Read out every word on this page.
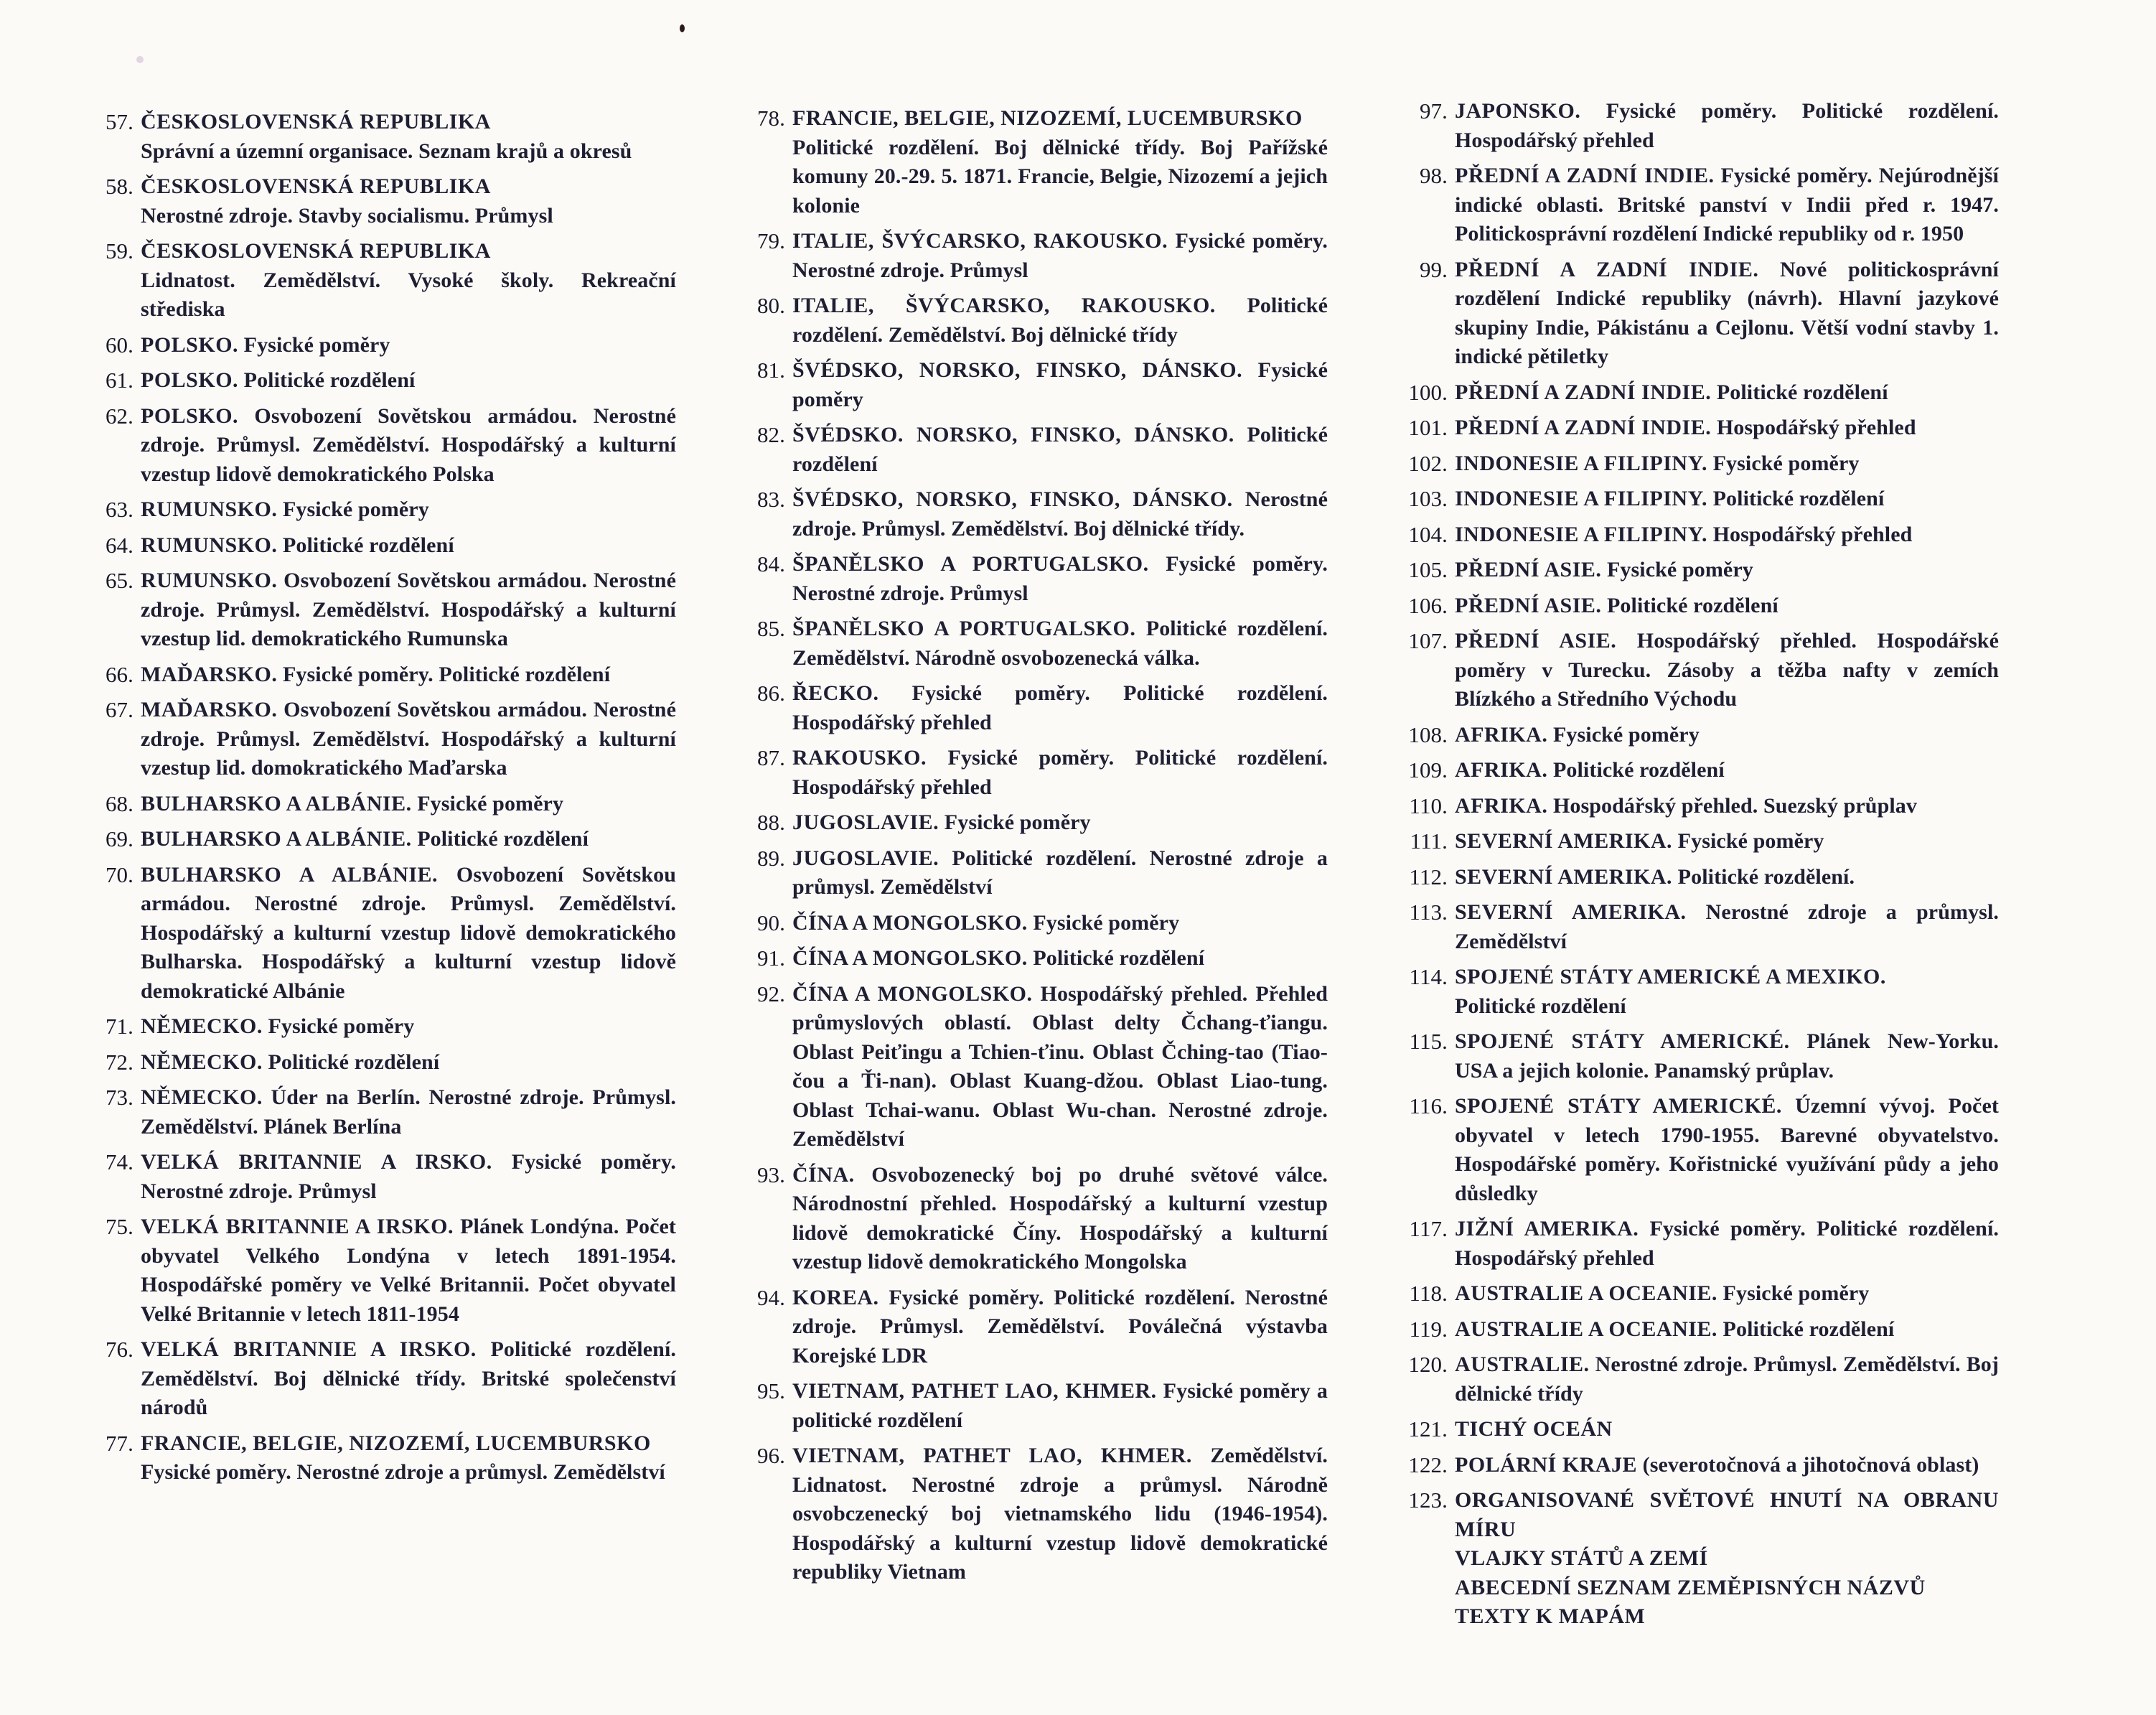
57. ČESKOSLOVENSKÁ REPUBLIKA
Správní a územní organisace. Seznam krajů a okresů
58. ČESKOSLOVENSKÁ REPUBLIKA
Nerostné zdroje. Stavby socialismu. Průmysl
59. ČESKOSLOVENSKÁ REPUBLIKA
Lidnatost. Zemědělství. Vysoké školy. Rekreační střediska
60. POLSKO. Fysické poměry
61. POLSKO. Politické rozdělení
62. POLSKO. Osvobození Sovětskou armádou. Nerostné zdroje. Průmysl. Zemědělství. Hospodářský a kulturní vzestup lidově demokratického Polska
63. RUMUNSKO. Fysické poměry
64. RUMUNSKO. Politické rozdělení
65. RUMUNSKO. Osvobození Sovětskou armádou. Nerostné zdroje. Průmysl. Zemědělství. Hospodářský a kulturní vzestup lid. demokratického Rumunska
66. MAĎARSKO. Fysické poměry. Politické rozdělení
67. MAĎARSKO. Osvobození Sovětskou armádou. Nerostné zdroje. Průmysl. Zemědělství. Hospodářský a kulturní vzestup lid. domokratického Maďarska
68. BULHARSKO A ALBÁNIE. Fysické poměry
69. BULHARSKO A ALBÁNIE. Politické rozdělení
70. BULHARSKO A ALBÁNIE. Osvobození Sovětskou armádou. Nerostné zdroje. Průmysl. Zemědělství. Hospodářský a kulturní vzestup lidově demokratického Bulharska. Hospodářský a kulturní vzestup lidově demokratické Albánie
71. NĚMECKO. Fysické poměry
72. NĚMECKO. Politické rozdělení
73. NĚMECKO. Úder na Berlín. Nerostné zdroje. Průmysl. Zemědělství. Plánek Berlína
74. VELKÁ BRITANNIE A IRSKO. Fysické poměry. Nerostné zdroje. Průmysl
75. VELKÁ BRITANNIE A IRSKO. Plánek Londýna. Počet obyvatel Velkého Londýna v letech 1891-1954. Hospodářské poměry ve Velké Britannii. Počet obyvatel Velké Britannie v letech 1811-1954
76. VELKÁ BRITANNIE A IRSKO. Politické rozdělení. Zemědělství. Boj dělnické třídy. Britské společenství národů
77. FRANCIE, BELGIE, NIZOZEMÍ, LUCEMBURSKO
Fysické poměry. Nerostné zdroje a průmysl. Zemědělství
78. FRANCIE, BELGIE, NIZOZEMÍ, LUCEMBURSKO
Politické rozdělení. Boj dělnické třídy. Boj Pařížské komuny 20.-29. 5. 1871. Francie, Belgie, Nizozemí a jejich kolonie
79. ITALIE, ŠVÝCARSKO, RAKOUSKO. Fysické poměry. Nerostné zdroje. Průmysl
80. ITALIE, ŠVÝCARSKO, RAKOUSKO. Politické rozdělení. Zemědělství. Boj dělnické třídy
81. ŠVÉDSKO, NORSKO, FINSKO, DÁNSKO. Fysické poměry
82. ŠVÉDSKO. NORSKO, FINSKO, DÁNSKO. Politické rozdělení
83. ŠVÉDSKO, NORSKO, FINSKO, DÁNSKO. Nerostné zdroje. Průmysl. Zemědělství. Boj dělnické třídy.
84. ŠPANĚLSKO A PORTUGALSKO. Fysické poměry. Nerostné zdroje. Průmysl
85. ŠPANĚLSKO A PORTUGALSKO. Politické rozdělení. Zemědělství. Národně osvobozenecká válka.
86. ŘECKO. Fysické poměry. Politické rozdělení. Hospodářský přehled
87. RAKOUSKO. Fysické poměry. Politické rozdělení. Hospodářský přehled
88. JUGOSLAVIE. Fysické poměry
89. JUGOSLAVIE. Politické rozdělení. Nerostné zdroje a průmysl. Zemědělství
90. ČÍNA A MONGOLSKO. Fysické poměry
91. ČÍNA A MONGOLSKO. Politické rozdělení
92. ČÍNA A MONGOLSKO. Hospodářský přehled. Přehled průmyslových oblastí. Oblast delty Čchang-ťiangu. Oblast Peiťingu a Tchien-ťinu. Oblast Čching-tao (Tiao-čou a Ťi-nan). Oblast Kuang-džou. Oblast Liao-tung. Oblast Tchai-wanu. Oblast Wu-chan. Nerostné zdroje. Zemědělství
93. ČÍNA. Osvobozenecký boj po druhé světové válce. Národnostní přehled. Hospodářský a kulturní vzestup lidově demokratické Číny. Hospodářský a kulturní vzestup lidově demokratického Mongolska
94. KOREA. Fysické poměry. Politické rozdělení. Nerostné zdroje. Průmysl. Zemědělství. Poválečná výstavba Korejské LDR
95. VIETNAM, PATHET LAO, KHMER. Fysické poměry a politické rozdělení
96. VIETNAM, PATHET LAO, KHMER. Zemědělství. Lidnatost. Nerostné zdroje a průmysl. Národně osvobczenecký boj vietnamského lidu (1946-1954). Hospodářský a kulturní vzestup lidově demokratické republiky Vietnam
97. JAPONSKO. Fysické poměry. Politické rozdělení. Hospodářský přehled
98. PŘEDNÍ A ZADNÍ INDIE. Fysické poměry. Nejúrodnější indické oblasti. Britské panství v Indii před r. 1947. Politickosprávní rozdělení Indické republiky od r. 1950
99. PŘEDNÍ A ZADNÍ INDIE. Nové politickosprávní rozdělení Indické republiky (návrh). Hlavní jazykové skupiny Indie, Pákistánu a Cejlonu. Větší vodní stavby 1. indické pětiletky
100. PŘEDNÍ A ZADNÍ INDIE. Politické rozdělení
101. PŘEDNÍ A ZADNÍ INDIE. Hospodářský přehled
102. INDONESIE A FILIPINY. Fysické poměry
103. INDONESIE A FILIPINY. Politické rozdělení
104. INDONESIE A FILIPINY. Hospodářský přehled
105. PŘEDNÍ ASIE. Fysické poměry
106. PŘEDNÍ ASIE. Politické rozdělení
107. PŘEDNÍ ASIE. Hospodářský přehled. Hospodářské poměry v Turecku. Zásoby a těžba nafty v zemích Blízkého a Středního Východu
108. AFRIKA. Fysické poměry
109. AFRIKA. Politické rozdělení
110. AFRIKA. Hospodářský přehled. Suezský průplav
111. SEVERNÍ AMERIKA. Fysické poměry
112. SEVERNÍ AMERIKA. Politické rozdělení.
113. SEVERNÍ AMERIKA. Nerostné zdroje a průmysl. Zemědělství
114. SPOJENÉ STÁTY AMERICKÉ A MEXIKO.
Politické rozdělení
115. SPOJENÉ STÁTY AMERICKÉ. Plánek New-Yorku. USA a jejich kolonie. Panamský průplav.
116. SPOJENÉ STÁTY AMERICKÉ. Územní vývoj. Počet obyvatel v letech 1790-1955. Barevné obyvatelstvo. Hospodářské poměry. Kořistnické využívání půdy a jeho důsledky
117. JIŽNÍ AMERIKA. Fysické poměry. Politické rozdělení. Hospodářský přehled
118. AUSTRALIE A OCEANIE. Fysické poměry
119. AUSTRALIE A OCEANIE. Politické rozdělení
120. AUSTRALIE. Nerostné zdroje. Průmysl. Zemědělství. Boj dělnické třídy
121. TICHÝ OCEÁN
122. POLÁRNÍ KRAJE (severotočnová a jihotočnová oblast)
123. ORGANISOVANÉ SVĚTOVÉ HNUTÍ NA OBRANU MÍRU
VLAJKY STÁTŮ A ZEMÍ
ABECEDNÍ SEZNAM ZEMĚPISNÝCH NÁZVŮ
TEXTY K MAPÁM
